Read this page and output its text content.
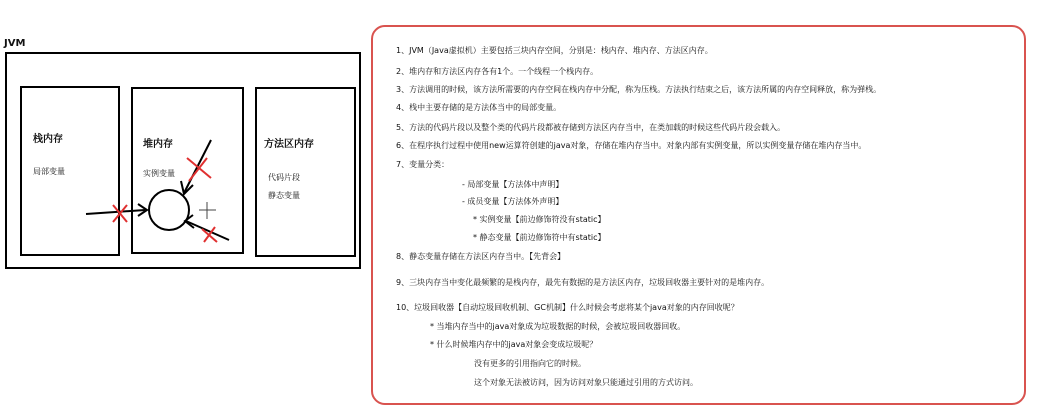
JVM
栈内存
局部变量
堆内存
实例变量
方法区内存
代码片段
静态变量
1、JVM（Java虚拟机）主要包括三块内存空间，分别是：栈内存、堆内存、方法区内存。
2、堆内存和方法区内存各有1个。一个线程一个栈内存。
3、方法调用的时候，该方法所需要的内存空间在栈内存中分配，称为压栈。方法执行结束之后，该方法所属的内存空间释放，称为弹栈。
4、栈中主要存储的是方法体当中的局部变量。
5、方法的代码片段以及整个类的代码片段都被存储到方法区内存当中，在类加载的时候这些代码片段会载入。
6、在程序执行过程中使用new运算符创建的java对象，存储在堆内存当中。对象内部有实例变量，所以实例变量存储在堆内存当中。
7、变量分类：
- 局部变量【方法体中声明】
- 成员变量【方法体外声明】
* 实例变量【前边修饰符没有static】
* 静态变量【前边修饰符中有static】
8、静态变量存储在方法区内存当中。【先背会】
9、三块内存当中变化最频繁的是栈内存，最先有数据的是方法区内存，垃圾回收器主要针对的是堆内存。
10、垃圾回收器【自动垃圾回收机制、GC机制】什么时候会考虑将某个java对象的内存回收呢？
* 当堆内存当中的java对象成为垃圾数据的时候，会被垃圾回收器回收。
* 什么时候堆内存中的java对象会变成垃圾呢？
没有更多的引用指向它的时候。
这个对象无法被访问，因为访问对象只能通过引用的方式访问。
